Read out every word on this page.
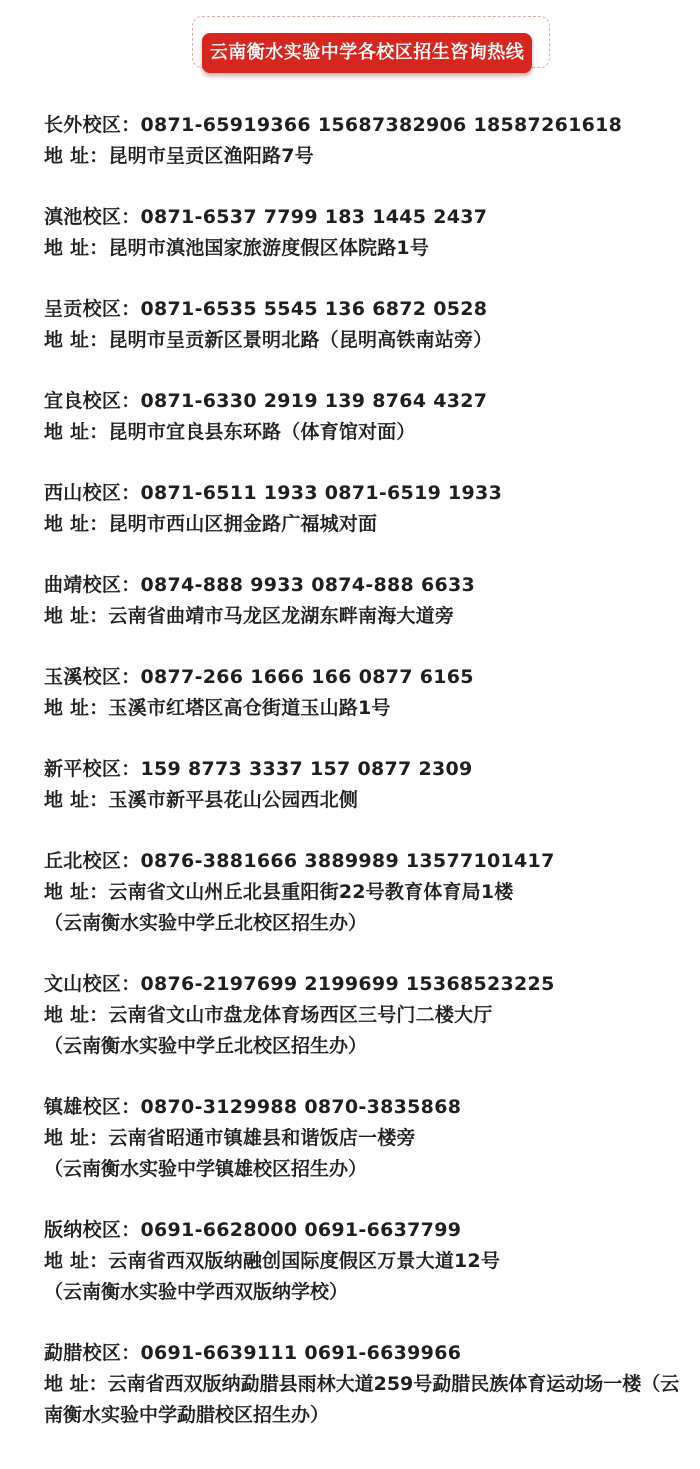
云南衡水实验中学各校区招生咨询热线
长外校区：0871-65919366 15687382906 18587261618
地 址：昆明市呈贡区渔阳路7号
滇池校区：0871-6537 7799 183 1445 2437
地 址：昆明市滇池国家旅游度假区体院路1号
呈贡校区：0871-6535 5545 136 6872 0528
地 址：昆明市呈贡新区景明北路（昆明高铁南站旁）
宜良校区：0871-6330 2919 139 8764 4327
地 址：昆明市宜良县东环路（体育馆对面）
西山校区：0871-6511 1933 0871-6519 1933
地 址：昆明市西山区拥金路广福城对面
曲靖校区：0874-888 9933 0874-888 6633
地 址：云南省曲靖市马龙区龙湖东畔南海大道旁
玉溪校区：0877-266 1666 166 0877 6165
地 址：玉溪市红塔区高仓街道玉山路1号
新平校区：159 8773 3337 157 0877 2309
地 址：玉溪市新平县花山公园西北侧
丘北校区：0876-3881666 3889989 13577101417
地 址：云南省文山州丘北县重阳街22号教育体育局1楼
（云南衡水实验中学丘北校区招生办）
文山校区：0876-2197699 2199699 15368523225
地 址：云南省文山市盘龙体育场西区三号门二楼大厅
（云南衡水实验中学丘北校区招生办）
镇雄校区：0870-3129988 0870-3835868
地 址：云南省昭通市镇雄县和谐饭店一楼旁
（云南衡水实验中学镇雄校区招生办）
版纳校区：0691-6628000 0691-6637799
地 址：云南省西双版纳融创国际度假区万景大道12号
（云南衡水实验中学西双版纳学校）
勐腊校区：0691-6639111 0691-6639966
地 址：云南省西双版纳勐腊县雨林大道259号勐腊民族体育运动场一楼（云南衡水实验中学勐腊校区招生办）
